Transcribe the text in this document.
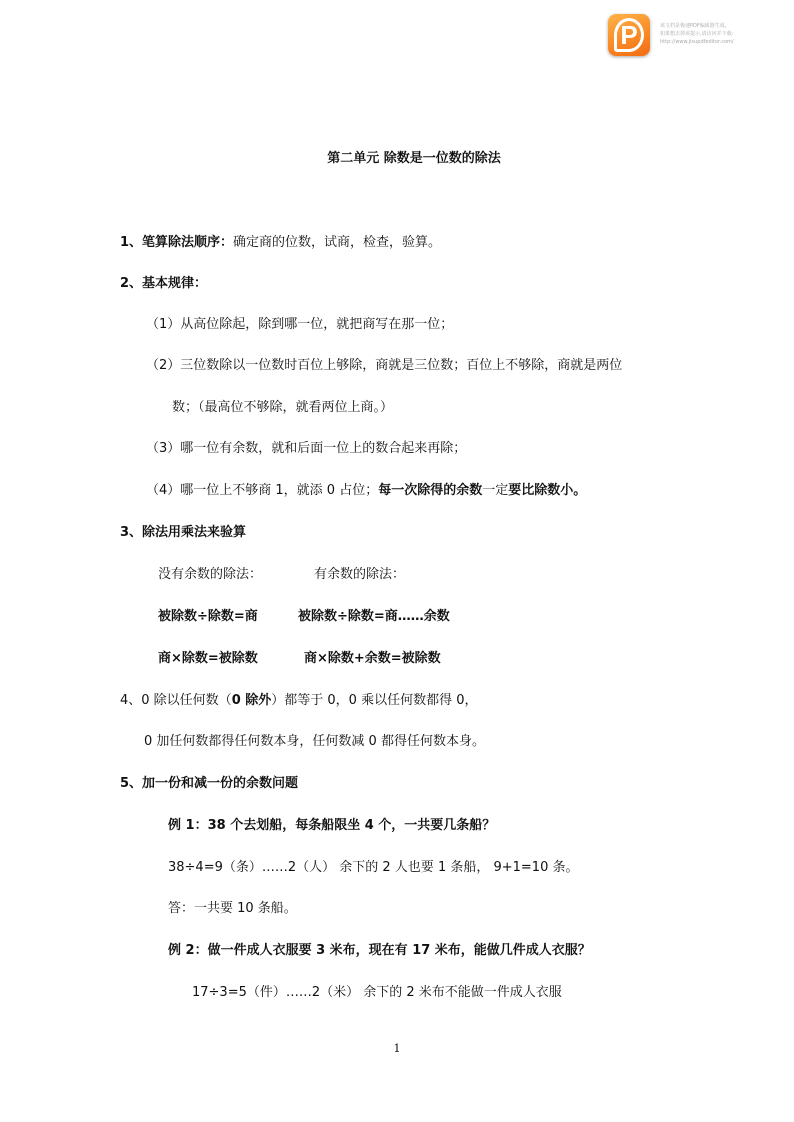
P	该文档是极速PDF编辑器生成,
如果想去掉该提示,请访问并下载:
http://www.jisupdfeditor.com/
第二单元 除数是一位数的除法
1、笔算除法顺序：确定商的位数，试商，检查，验算。
2、基本规律：
（1）从高位除起，除到哪一位，就把商写在那一位；
（2）三位数除以一位数时百位上够除，商就是三位数；百位上不够除，商就是两位
数；（最高位不够除，就看两位上商。）
（3）哪一位有余数，就和后面一位上的数合起来再除；
（4）哪一位上不够商 1，就添 0 占位；每一次除得的余数一定要比除数小。
3、除法用乘法来验算
没有余数的除法：	有余数的除法：
被除数÷除数=商	被除数÷除数=商……余数
商×除数=被除数	商×除数+余数=被除数
4、0 除以任何数（0 除外）都等于 0，0 乘以任何数都得 0，
0 加任何数都得任何数本身，任何数减 0 都得任何数本身。
5、加一份和减一份的余数问题
例 1：38 个去划船，每条船限坐 4 个，一共要几条船？
38÷4=9（条）……2（人） 余下的 2 人也要 1 条船， 9+1=10 条。
答：一共要 10 条船。
例 2：做一件成人衣服要 3 米布，现在有 17 米布，能做几件成人衣服？
17÷3=5（件）……2（米） 余下的 2 米布不能做一件成人衣服
1
